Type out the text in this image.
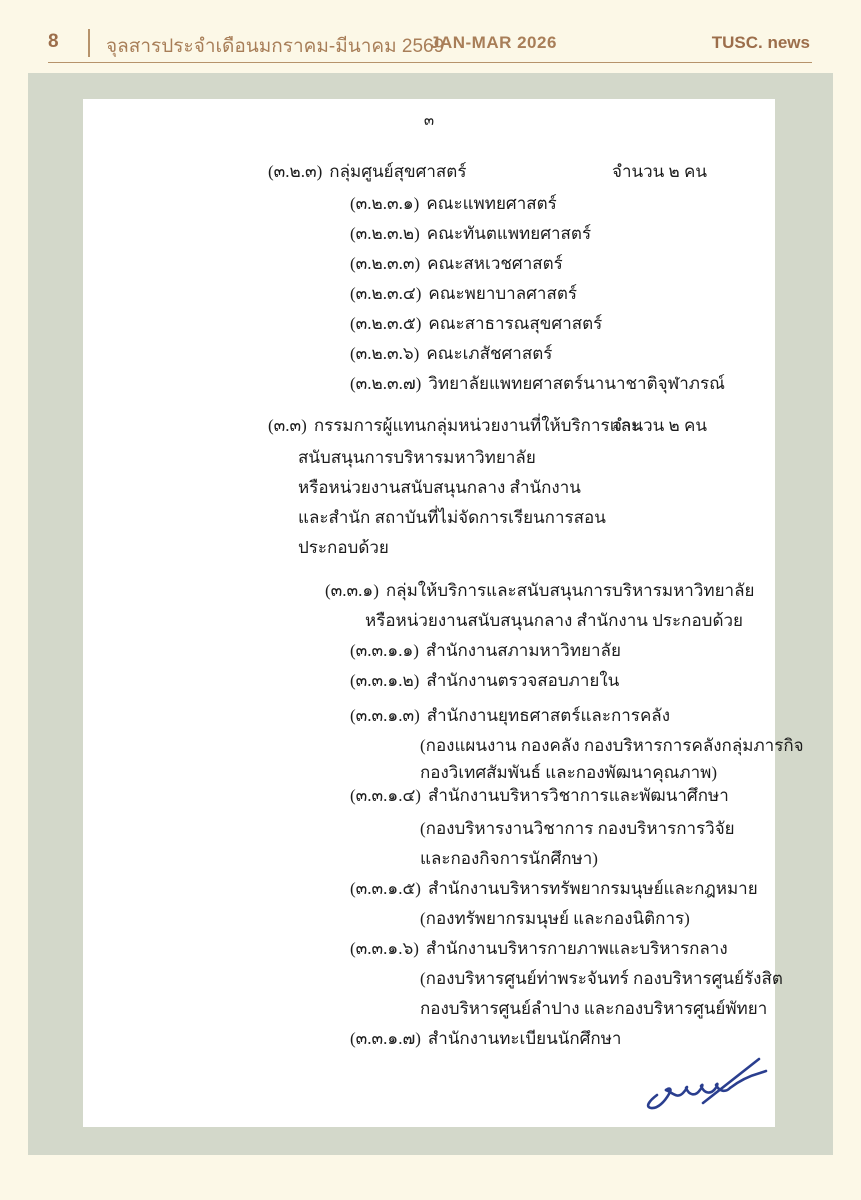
8 จุลสารประจำเดือนมกราคม-มีนาคม 2569
JAN-MAR 2026	TUSC. news
๓
(๓.๒.๓) กลุ่มศูนย์สุขศาสตร์	จำนวน ๒ คน
(๓.๒.๓.๑) คณะแพทยศาสตร์
(๓.๒.๓.๒) คณะทันตแพทยศาสตร์
(๓.๒.๓.๓) คณะสหเวชศาสตร์
(๓.๒.๓.๔) คณะพยาบาลศาสตร์
(๓.๒.๓.๕) คณะสาธารณสุขศาสตร์
(๓.๒.๓.๖) คณะเภสัชศาสตร์
(๓.๒.๓.๗) วิทยาลัยแพทยศาสตร์นานาชาติจุฬาภรณ์
(๓.๓) กรรมการผู้แทนกลุ่มหน่วยงานที่ให้บริการและ
จำนวน ๒ คน
สนับสนุนการบริหารมหาวิทยาลัย
หรือหน่วยงานสนับสนุนกลาง สำนักงาน
และสำนัก สถาบันที่ไม่จัดการเรียนการสอน
ประกอบด้วย
(๓.๓.๑) กลุ่มให้บริการและสนับสนุนการบริหารมหาวิทยาลัย
หรือหน่วยงานสนับสนุนกลาง สำนักงาน ประกอบด้วย
(๓.๓.๑.๑) สำนักงานสภามหาวิทยาลัย
(๓.๓.๑.๒) สำนักงานตรวจสอบภายใน
(๓.๓.๑.๓) สำนักงานยุทธศาสตร์และการคลัง
(กองแผนงาน กองคลัง กองบริหารการคลังกลุ่มภารกิจ
กองวิเทศสัมพันธ์ และกองพัฒนาคุณภาพ)
(๓.๓.๑.๔) สำนักงานบริหารวิชาการและพัฒนาศึกษา
(กองบริหารงานวิชาการ กองบริหารการวิจัย
และกองกิจการนักศึกษา)
(๓.๓.๑.๕) สำนักงานบริหารทรัพยากรมนุษย์และกฎหมาย
(กองทรัพยากรมนุษย์ และกองนิติการ)
(๓.๓.๑.๖) สำนักงานบริหารกายภาพและบริหารกลาง
(กองบริหารศูนย์ท่าพระจันทร์ กองบริหารศูนย์รังสิต
กองบริหารศูนย์ลำปาง และกองบริหารศูนย์พัทยา
(๓.๓.๑.๗) สำนักงานทะเบียนนักศึกษา
